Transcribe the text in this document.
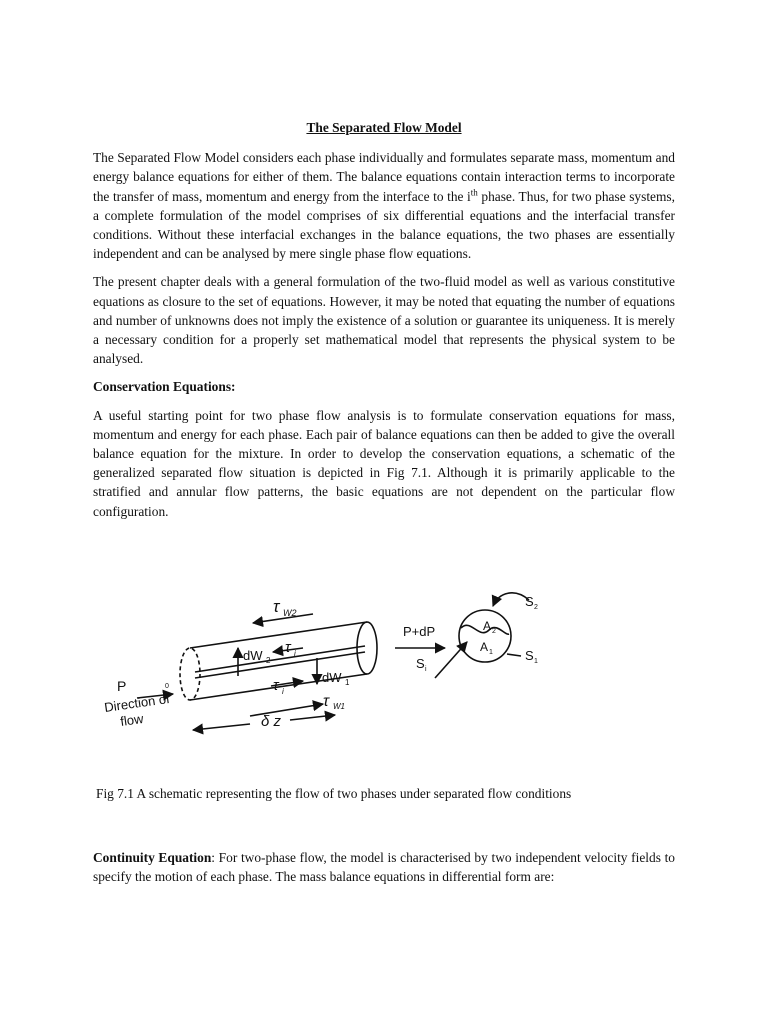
The Separated Flow Model

The Separated Flow Model considers each phase individually and formulates separate mass, momentum and energy balance equations for either of them. The balance equations contain interaction terms to incorporate the transfer of mass, momentum and energy from the interface to the $i^{th}$ phase. Thus, for two phase systems, a complete formulation of the model comprises of six differential equations and the interfacial transfer conditions. Without these interfacial exchanges in the balance equations, the two phases are essentially independent and can be analysed by mere single phase flow equations.

The present chapter deals with a general formulation of the two-fluid model as well as various constitutive equations as closure to the set of equations. However, it may be noted that equating the number of equations and number of unknowns does not imply the existence of a solution or guarantee its uniqueness. It is merely a necessary condition for a properly set mathematical model that represents the physical system to be analysed.

Conservation Equations:

A useful starting point for two phase flow analysis is to formulate conservation equations for mass, momentum and energy for each phase. Each pair of balance equations can then be added to give the overall balance equation for the mixture. In order to develop the conservation equations, a schematic of the generalized separated flow situation is depicted in Fig 7.1. Although it is primarily applicable to the stratified and annular flow patterns, the basic equations are not dependent on the particular flow configuration.

τ W2
τ i
τ i
dW 2
dW 1
τ W1
P	0
Direction of
flow	δ z
P+dP
S i
A 2
A 1
S 2
S 1
Fig 7.1 A schematic representing the flow of two phases under separated flow conditions
Continuity Equation: For two-phase flow, the model is characterised by two independent velocity fields to specify the motion of each phase. The mass balance equations in differential form are:
